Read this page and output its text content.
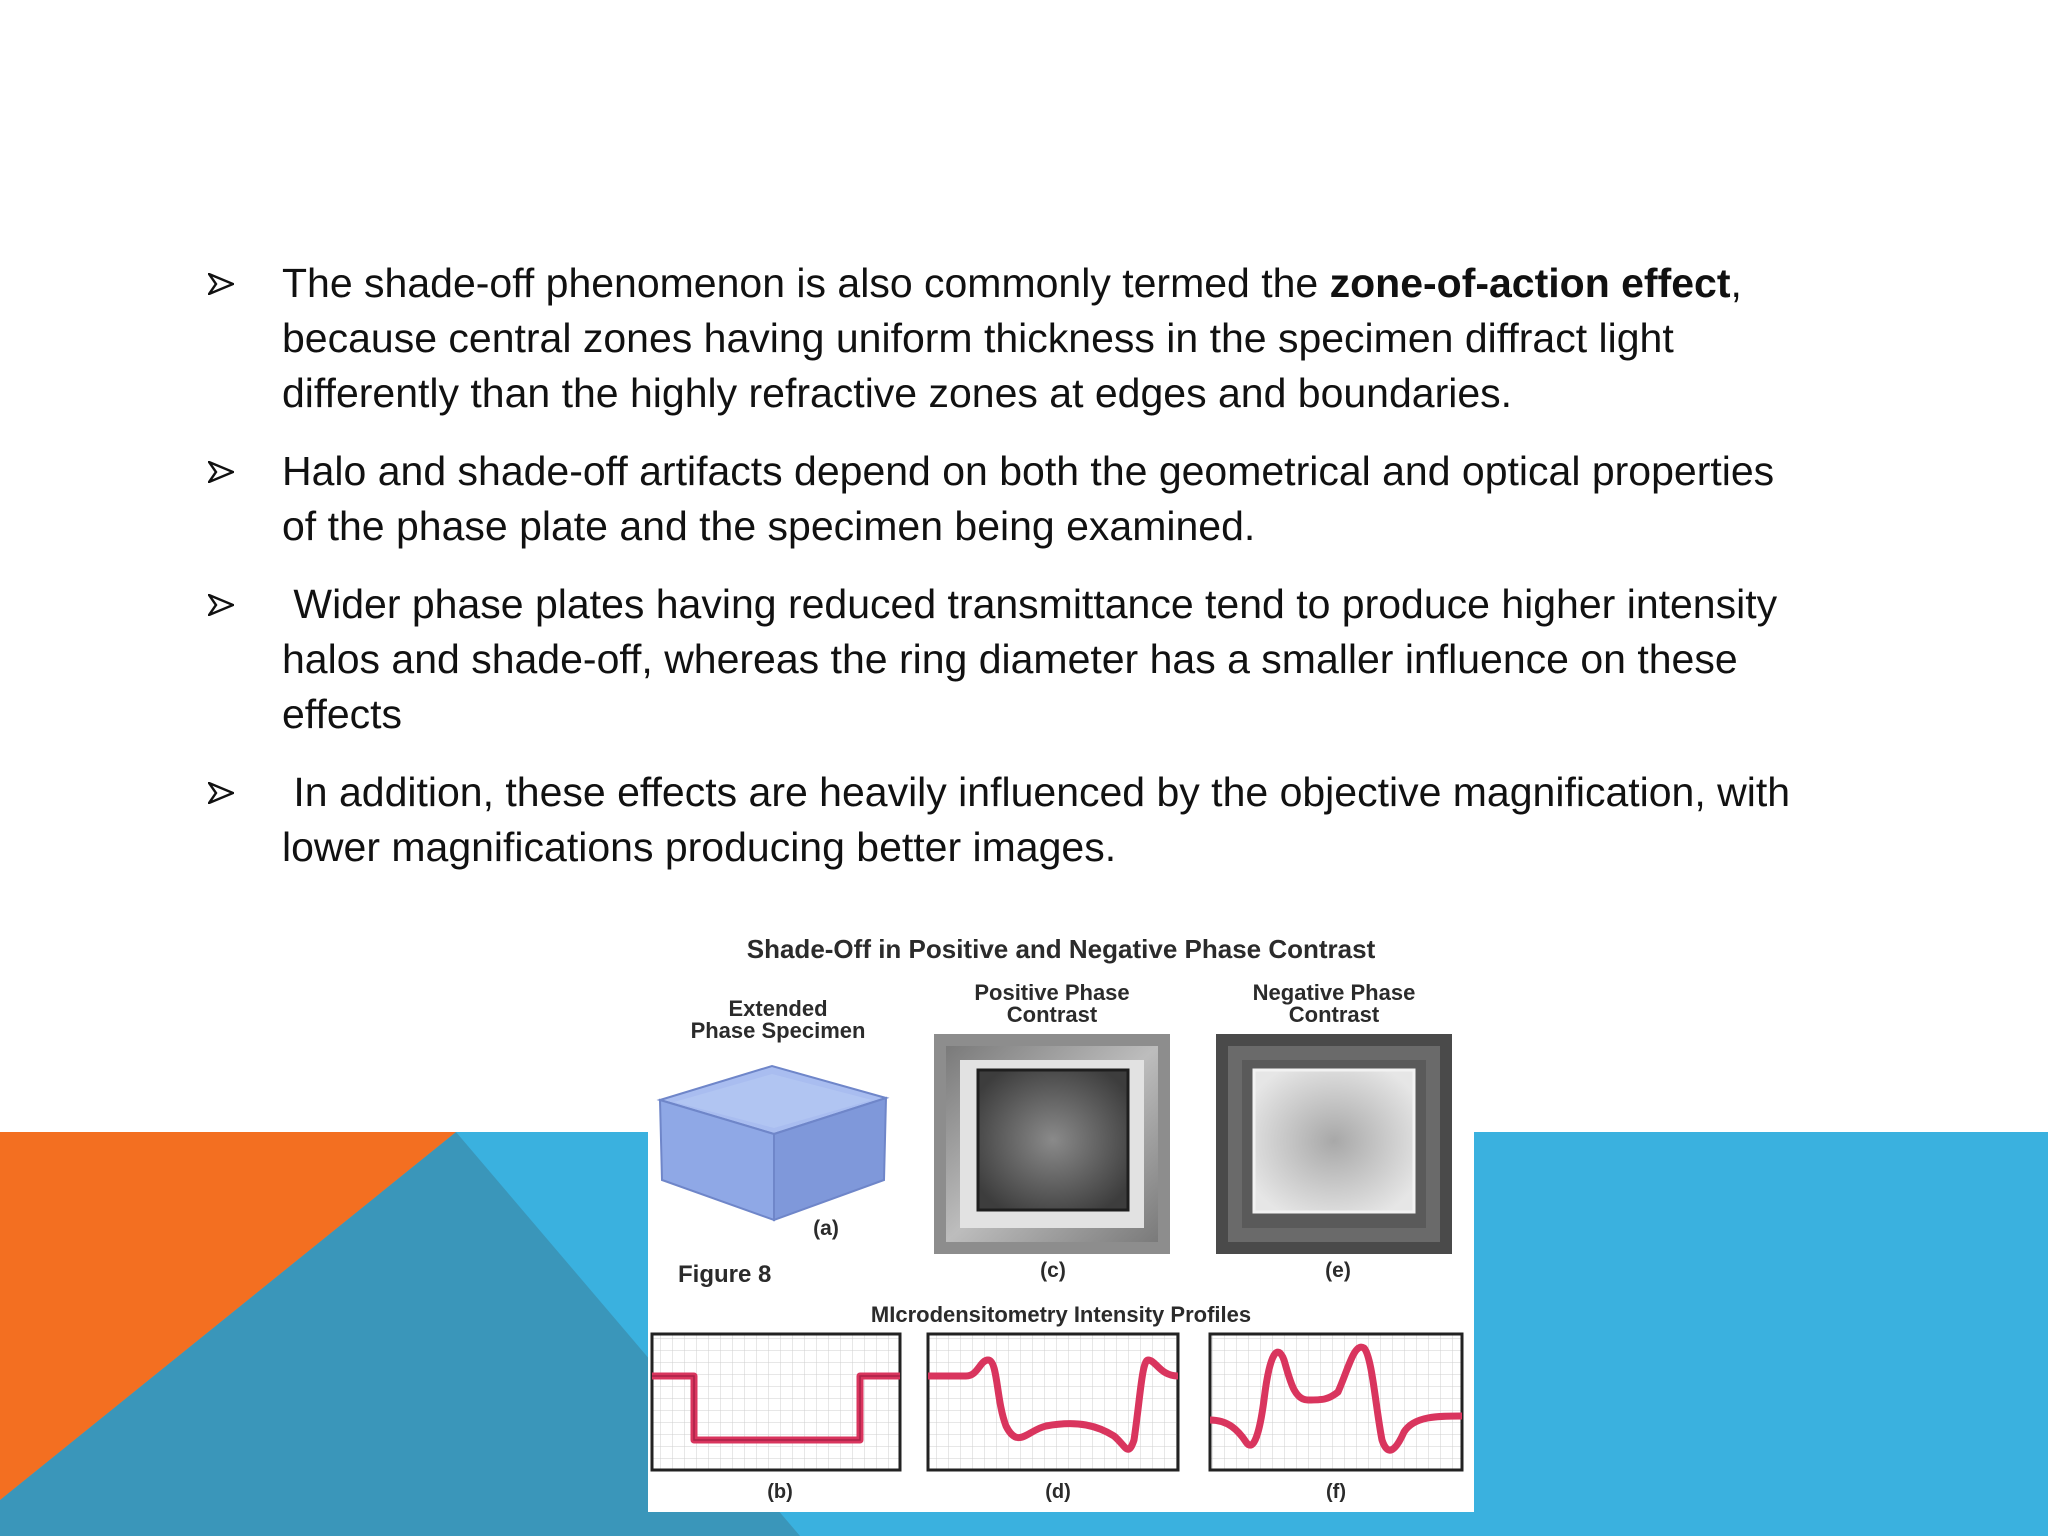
The shade-off phenomenon is also commonly termed the zone-of-action effect, because central zones having uniform thickness in the specimen diffract light differently than the highly refractive zones at edges and boundaries.
Halo and shade-off artifacts depend on both the geometrical and optical properties of the phase plate and the specimen being examined.
Wider phase plates having reduced transmittance tend to produce higher intensity halos and shade-off, whereas the ring diameter has a smaller influence on these effects
In addition, these effects are heavily influenced by the objective magnification, with lower magnifications producing better images.
Shade-Off in Positive and Negative Phase Contrast
Extended
Phase Specimen
Positive Phase
Contrast
Negative Phase
Contrast
(a)
(c)	(e)
Figure 8
MIcrodensitometry Intensity Profiles
(b)	(d)	(f)
